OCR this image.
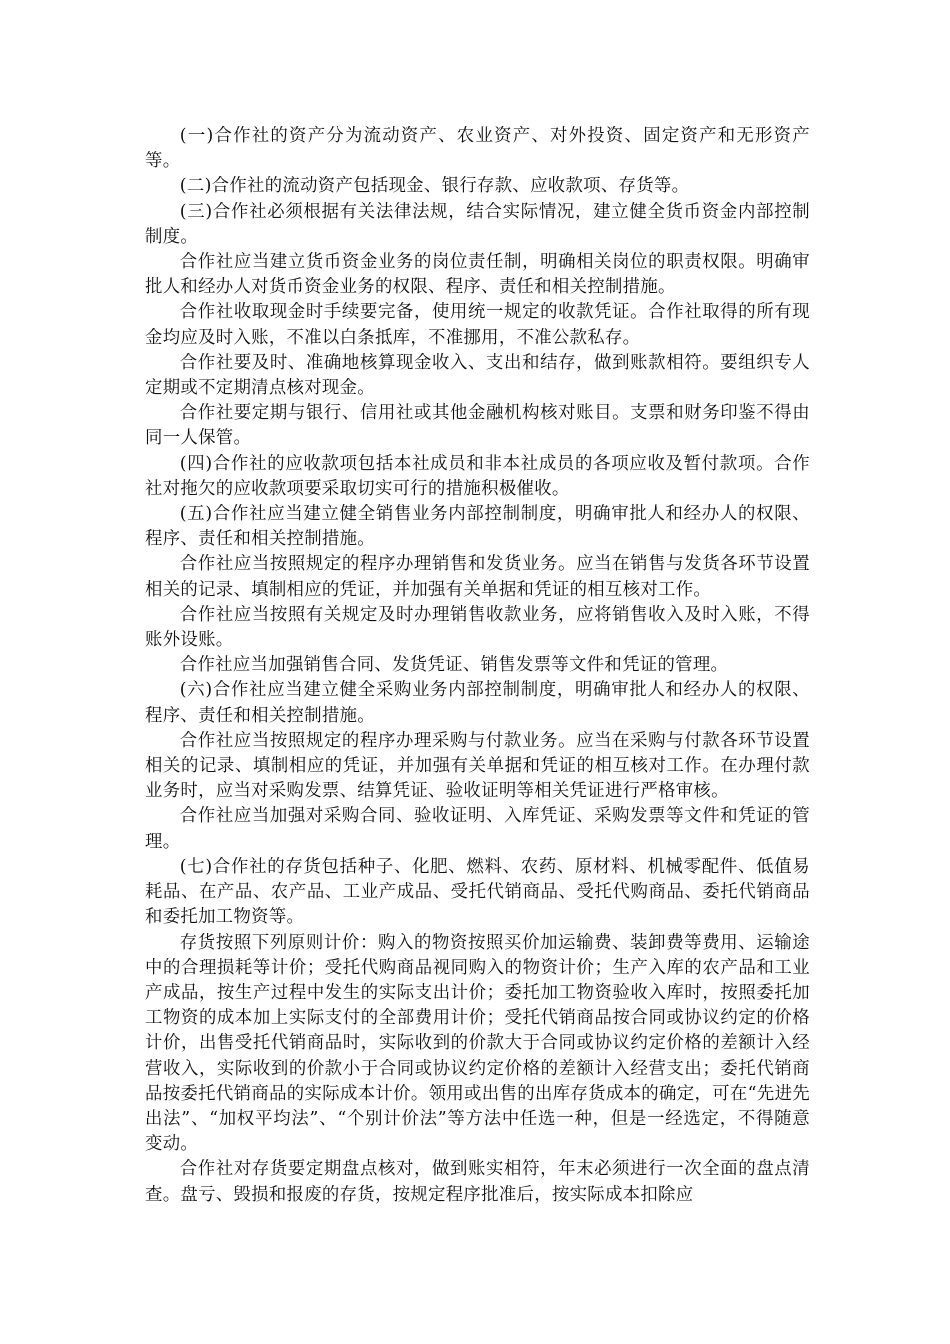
(一)合作社的资产分为流动资产、农业资产、对外投资、固定资产和无形资产等。

(二)合作社的流动资产包括现金、银行存款、应收款项、存货等。

(三)合作社必须根据有关法律法规，结合实际情况，建立健全货币资金内部控制制度。

合作社应当建立货币资金业务的岗位责任制，明确相关岗位的职责权限。明确审批人和经办人对货币资金业务的权限、程序、责任和相关控制措施。

合作社收取现金时手续要完备，使用统一规定的收款凭证。合作社取得的所有现金均应及时入账，不准以白条抵库，不准挪用，不准公款私存。

合作社要及时、准确地核算现金收入、支出和结存，做到账款相符。要组织专人定期或不定期清点核对现金。

合作社要定期与银行、信用社或其他金融机构核对账目。支票和财务印鉴不得由同一人保管。

(四)合作社的应收款项包括本社成员和非本社成员的各项应收及暂付款项。合作社对拖欠的应收款项要采取切实可行的措施积极催收。

(五)合作社应当建立健全销售业务内部控制制度，明确审批人和经办人的权限、程序、责任和相关控制措施。

合作社应当按照规定的程序办理销售和发货业务。应当在销售与发货各环节设置相关的记录、填制相应的凭证，并加强有关单据和凭证的相互核对工作。

合作社应当按照有关规定及时办理销售收款业务，应将销售收入及时入账，不得账外设账。

合作社应当加强销售合同、发货凭证、销售发票等文件和凭证的管理。

(六)合作社应当建立健全采购业务内部控制制度，明确审批人和经办人的权限、程序、责任和相关控制措施。

合作社应当按照规定的程序办理采购与付款业务。应当在采购与付款各环节设置相关的记录、填制相应的凭证，并加强有关单据和凭证的相互核对工作。在办理付款业务时，应当对采购发票、结算凭证、验收证明等相关凭证进行严格审核。

合作社应当加强对采购合同、验收证明、入库凭证、采购发票等文件和凭证的管理。

(七)合作社的存货包括种子、化肥、燃料、农药、原材料、机械零配件、低值易耗品、在产品、农产品、工业产成品、受托代销商品、受托代购商品、委托代销商品和委托加工物资等。

存货按照下列原则计价：购入的物资按照买价加运输费、装卸费等费用、运输途中的合理损耗等计价；受托代购商品视同购入的物资计价；生产入库的农产品和工业产成品，按生产过程中发生的实际支出计价；委托加工物资验收入库时，按照委托加工物资的成本加上实际支付的全部费用计价；受托代销商品按合同或协议约定的价格计价，出售受托代销商品时，实际收到的价款大于合同或协议约定价格的差额计入经营收入，实际收到的价款小于合同或协议约定价格的差额计入经营支出；委托代销商品按委托代销商品的实际成本计价。领用或出售的出库存货成本的确定，可在“先进先出法”、“加权平均法”、“个别计价法”等方法中任选一种，但是一经选定，不得随意变动。

合作社对存货要定期盘点核对，做到账实相符，年末必须进行一次全面的盘点清查。盘亏、毁损和报废的存货，按规定程序批准后，按实际成本扣除应
